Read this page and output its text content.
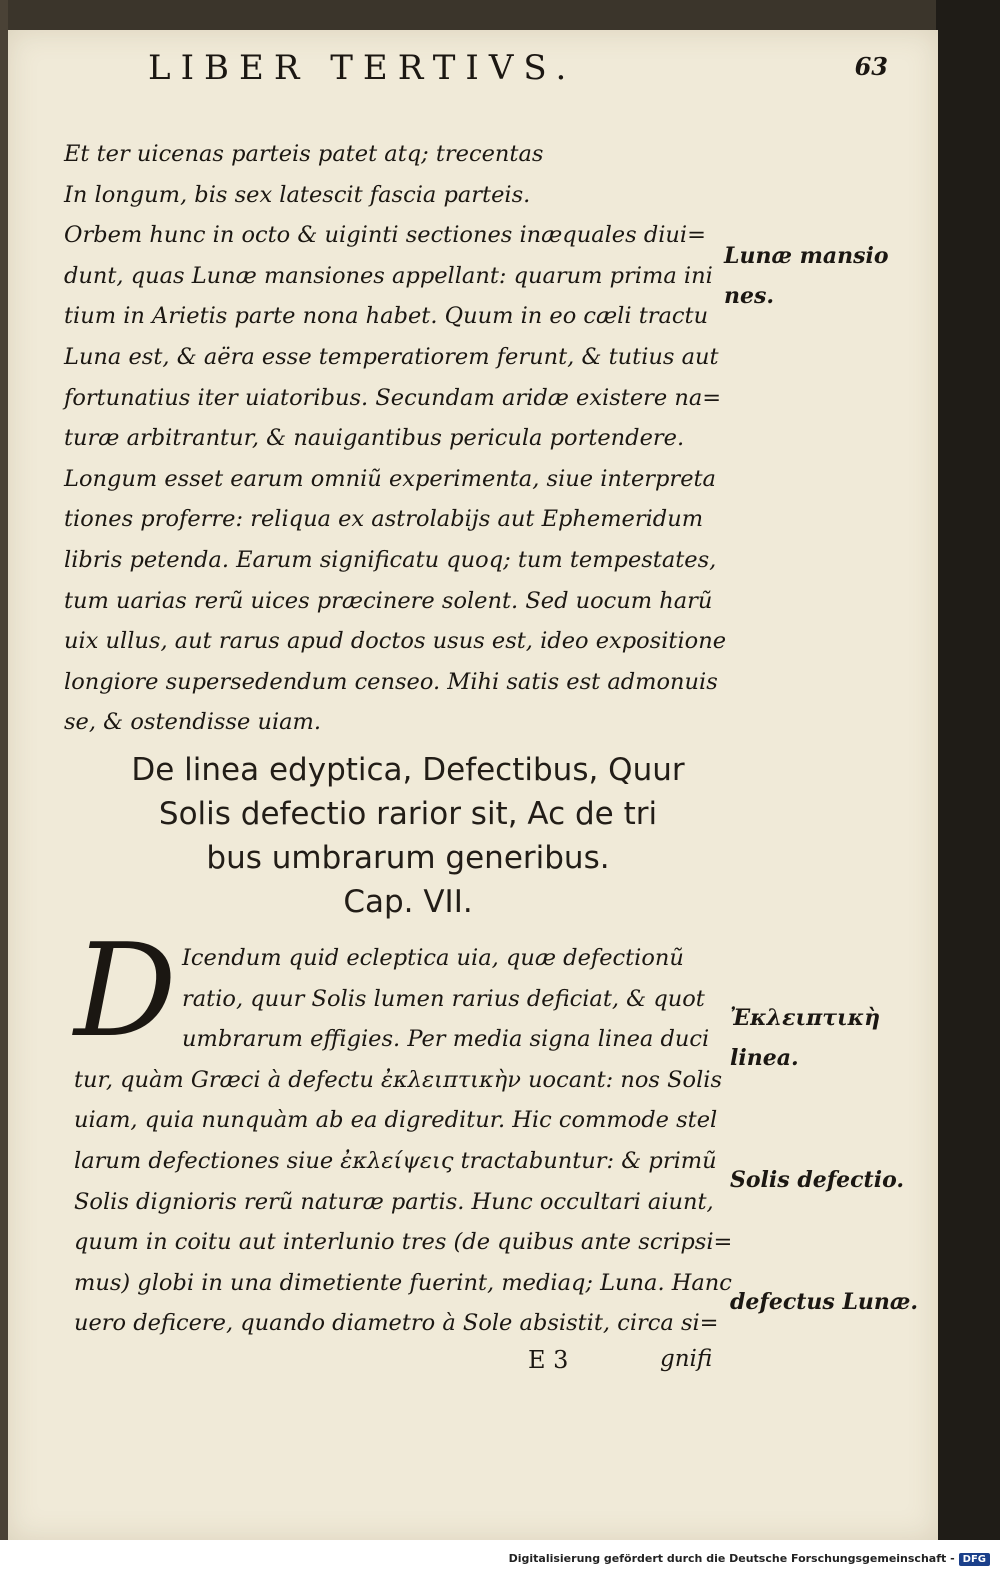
LIBER TERTIVS.	63
Et ter uicenas parteis patet atq; trecentas
In longum, bis sex latescit fascia parteis.
Orbem hunc in octo & uiginti sectiones inæquales diui=
dunt, quas Lunæ mansiones appellant: quarum prima ini
tium in Arietis parte nona habet. Quum in eo cæli tractu
Luna est, & aëra esse temperatiorem ferunt, & tutius aut
fortunatius iter uiatoribus. Secundam aridæ existere na=
turæ arbitrantur, & nauigantibus pericula portendere.
Longum esset earum omniũ experimenta, siue interpreta
tiones proferre: reliqua ex astrolabijs aut Ephemeridum
libris petenda. Earum significatu quoq; tum tempestates,
tum uarias rerũ uices præcinere solent. Sed uocum harũ
uix ullus, aut rarus apud doctos usus est, ideo expositione
longiore supersedendum censeo. Mihi satis est admonuis
se, & ostendisse uiam.
Lunæ mansio
nes.
De linea edyptica, Defectibus, Quur
Solis defectio rarior sit, Ac de tri
bus umbrarum generibus.
Cap. VII.
D Icendum quid ecleptica uia, quæ defectionũ
ratio, quur Solis lumen rarius deficiat, & quot
umbrarum effigies. Per media signa linea duci
tur, quàm Græci à defectu ἐκλειπτικὴν uocant: nos Solis
uiam, quia nunquàm ab ea digreditur. Hic commode stel
larum defectiones siue ἐκλείψεις tractabuntur: & primũ
Solis dignioris rerũ naturæ partis. Hunc occultari aiunt,
quum in coitu aut interlunio tres (de quibus ante scripsi=
mus) globi in una dimetiente fuerint, mediaq; Luna. Hanc
uero deficere, quando diametro à Sole absistit, circa si=
Ἐκλειπτικὴ
linea.
Solis defectio.
defectus Lunæ.
E 3	gnifi
Digitalisierung gefördert durch die Deutsche Forschungsgemeinschaft - DFG
